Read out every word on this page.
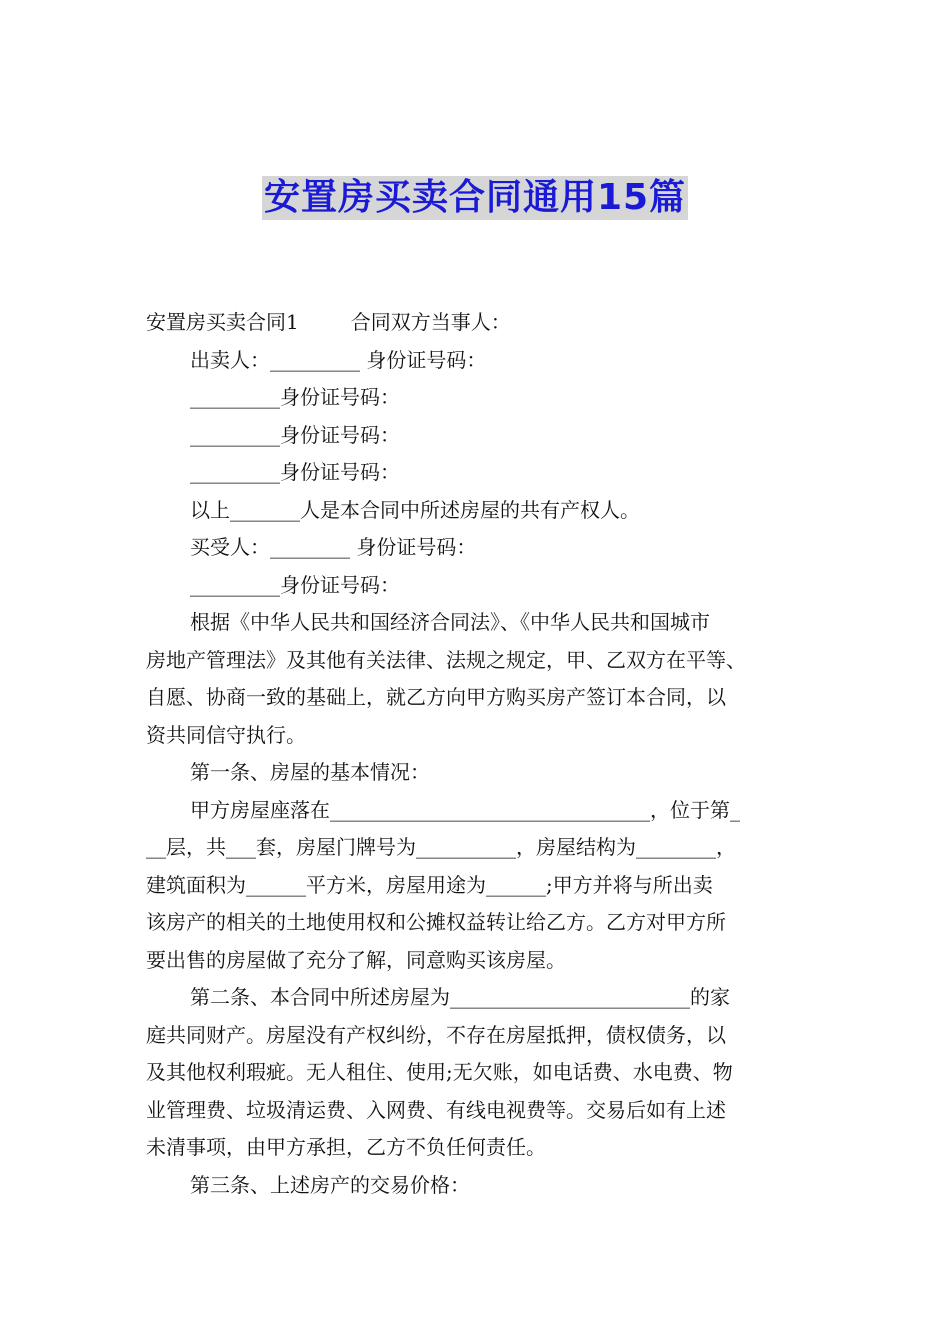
安置房买卖合同通用15篇
安置房买卖合同1	合同双方当事人：
出卖人：_________ 身份证号码：
_________身份证号码：
_________身份证号码：
_________身份证号码：
以上_______人是本合同中所述房屋的共有产权人。
买受人：________ 身份证号码：
_________身份证号码：
根据《中华人民共和国经济合同法》、《中华人民共和国城市
房地产管理法》及其他有关法律、法规之规定，甲、乙双方在平等、
自愿、协商一致的基础上，就乙方向甲方购买房产签订本合同，以
资共同信守执行。
第一条、房屋的基本情况：
甲方房屋座落在________________________________，位于第_
__层，共___套，房屋门牌号为__________，房屋结构为________，
建筑面积为______平方米，房屋用途为______;甲方并将与所出卖
该房产的相关的土地使用权和公摊权益转让给乙方。乙方对甲方所
要出售的房屋做了充分了解，同意购买该房屋。
第二条、本合同中所述房屋为________________________的家
庭共同财产。房屋没有产权纠纷，不存在房屋抵押，债权债务，以
及其他权利瑕疵。无人租住、使用;无欠账，如电话费、水电费、物
业管理费、垃圾清运费、入网费、有线电视费等。交易后如有上述
未清事项，由甲方承担，乙方不负任何责任。
第三条、上述房产的交易价格：
